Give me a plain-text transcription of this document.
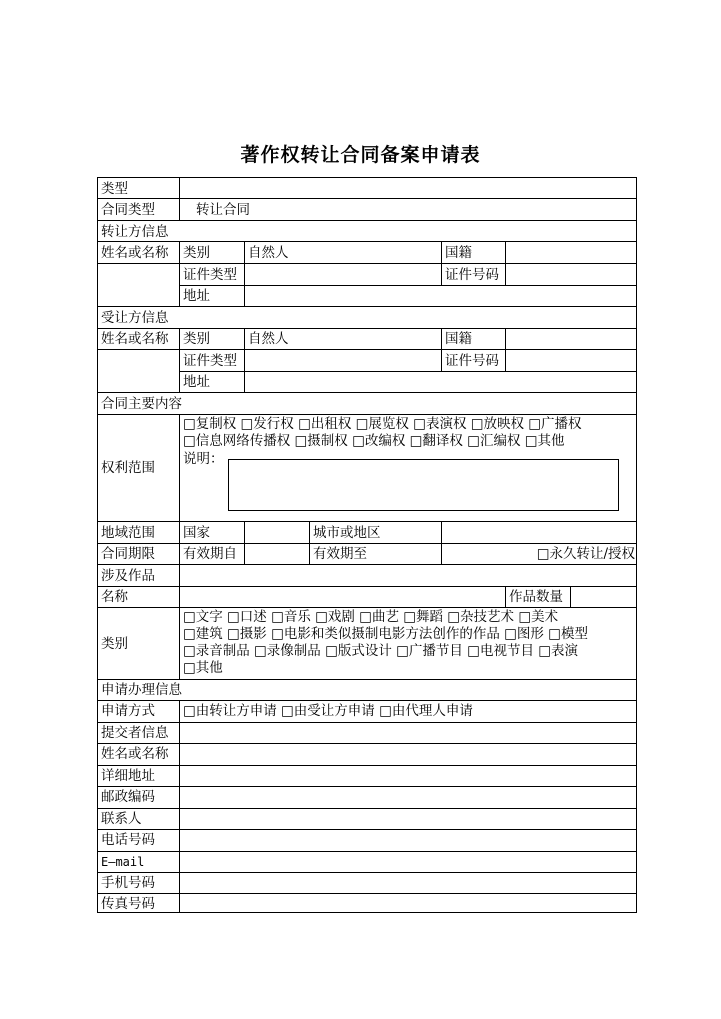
著作权转让合同备案申请表
类型
合同类型	转让合同
转让方信息
姓名或名称 类别	自然人	国籍
证件类型	证件号码
地址
受让方信息
姓名或名称 类别	自然人	国籍
证件类型	证件号码
地址
合同主要内容
权利范围
□复制权 □发行权 □出租权 □展览权 □表演权 □放映权 □广播权
□信息网络传播权 □摄制权 □改编权 □翻译权 □汇编权 □其他
说明：
地域范围 国家	城市或地区
合同期限 有效期自	有效期至	□永久转让/授权
涉及作品
名称	作品数量
类别
□文字 □口述 □音乐 □戏剧 □曲艺 □舞蹈 □杂技艺术 □美术
□建筑 □摄影 □电影和类似摄制电影方法创作的作品 □图形 □模型
□录音制品 □录像制品 □版式设计 □广播节目 □电视节目 □表演
□其他
申请办理信息
申请方式 □由转让方申请 □由受让方申请 □由代理人申请
提交者信息
姓名或名称
详细地址
邮政编码
联系人
电话号码
E—mail
手机号码
传真号码
